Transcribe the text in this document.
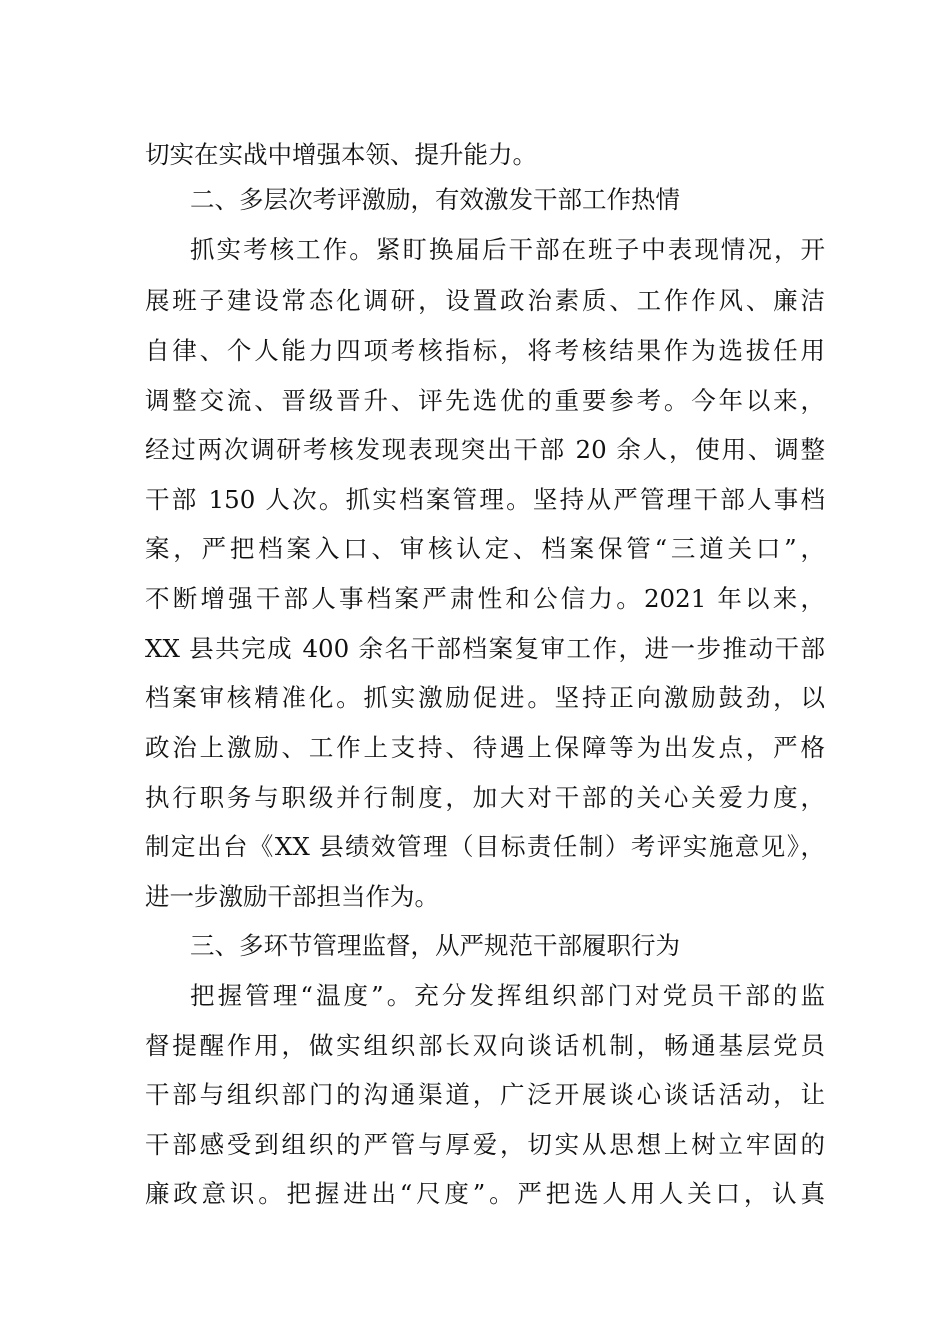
切实在实战中增强本领、提升能力。
二、多层次考评激励，有效激发干部工作热情
抓实考核工作。紧盯换届后干部在班子中表现情况，开
展班子建设常态化调研，设置政治素质、工作作风、廉洁
自律、个人能力四项考核指标，将考核结果作为选拔任用
调整交流、晋级晋升、评先选优的重要参考。今年以来，
经过两次调研考核发现表现突出干部 20 余人，使用、调整
干部 150 人次。抓实档案管理。坚持从严管理干部人事档
案，严把档案入口、审核认定、档案保管“三道关口”，
不断增强干部人事档案严肃性和公信力。2021 年以来，
XX 县共完成 400 余名干部档案复审工作，进一步推动干部
档案审核精准化。抓实激励促进。坚持正向激励鼓劲，以
政治上激励、工作上支持、待遇上保障等为出发点，严格
执行职务与职级并行制度，加大对干部的关心关爱力度，
制定出台《XX 县绩效管理（目标责任制）考评实施意见》，
进一步激励干部担当作为。
三、多环节管理监督，从严规范干部履职行为
把握管理“温度”。充分发挥组织部门对党员干部的监
督提醒作用，做实组织部长双向谈话机制，畅通基层党员
干部与组织部门的沟通渠道，广泛开展谈心谈话活动，让
干部感受到组织的严管与厚爱，切实从思想上树立牢固的
廉政意识。把握进出“尺度”。严把选人用人关口，认真
